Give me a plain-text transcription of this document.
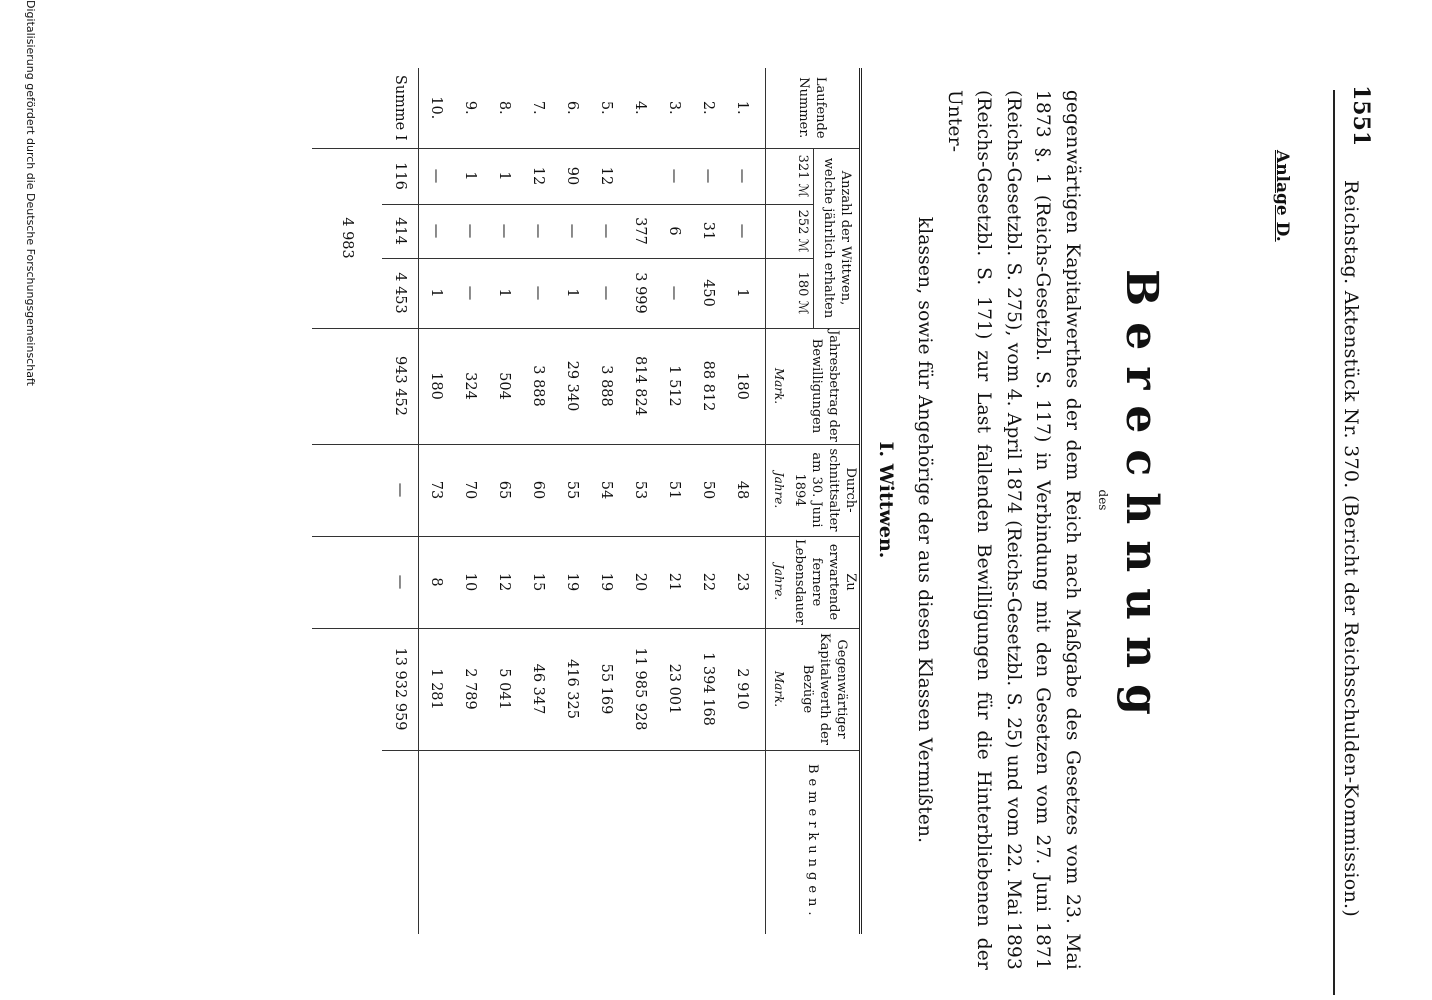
1551
Reichstag. Aktenstück Nr. 370. (Bericht der Reichsschulden-Kommission.)
Anlage D.
Berechnung
des
gegenwärtigen Kapitalwerthes der dem Reich nach Maßgabe des Gesetzes vom 23. Mai 1873 §. 1 (Reichs-Gesetzbl. S. 117) in Verbindung mit den Gesetzen vom 27. Juni 1871 (Reichs-Gesetzbl. S. 275), vom 4. April 1874 (Reichs-Gesetzbl. S. 25) und vom 22. Mai 1893 (Reichs-Gesetzbl. S. 171) zur Last fallenden Bewilligungen für die Hinterbliebenen der Unter-
klassen, sowie für Angehörige der aus diesen Klassen Vermißten.
I. Wittwen.
Laufende Nummer.	Anzahl der Wittwen, welche jährlich erhalten			Jahresbetrag der Bewilligungen	Durch-schnittsalter am 30. Juni 1894	Zu erwartende fernere Lebensdauer	Gegenwärtiger Kapitalwerth der Bezüge	Bemerkungen.
	321 ℳ	252 ℳ	180 ℳ					
				Mark.	Jahre.	Jahre.	Mark.	
1.	—	—	1	180	48	23	2 910	
2.	—	31	450	88 812	50	22	1 394 168	
3.	—	6	—	1 512	51	21	23 001	
4.		377	3 999	814 824	53	20	11 985 928	
5.	12	—	—	3 888	54	19	55 169	
6.	90	—	1	29 340	55	19	416 325	
7.	12	—	—	3 888	60	15	46 347	
8.	1	—	1	504	65	12	5 041	
9.	1	—	—	324	70	10	2 789	
10.	—	—	1	180	73	8	1 281	
Summe I	116	414	4 453	943 452	—	—	13 932 959	
	4 983							
Digitalisierung gefördert durch die Deutsche Forschungsgemeinschaft
